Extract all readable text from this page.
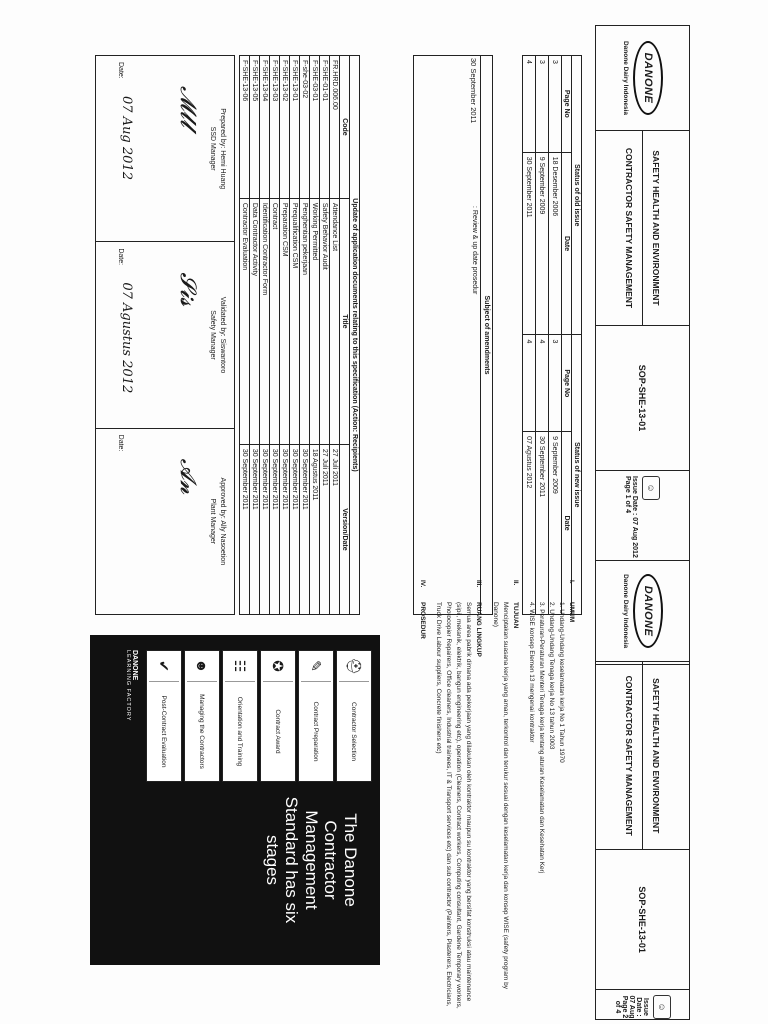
DANONE
Danone Dairy Indonesia
SAFETY HEALTH AND ENVIRONMENT
CONTRACTOR SAFETY MANAGEMENT
SOP-SHE-13-01
☺
Issue Date : 07 Aug 2012
Page 1 of 4
Status of old issue		Status of new issue	
Page No	Date	Page No	Date
3	18 Desember 2006	3	9 September 2009
3	9 September 2009	4	30 September 2011
4	30 September 2011	4	07 Agustus 2012
Subject of amendments
30 September 2011
: Review & up date prosedur
Update of application documents relating to this specification (Action: Recipients)		
Code	Title	Version/Date
FR.HRD.006.00	Attendance List	27 Juli 2011
F-SHE-01-01	Safety Behavior Audit	27 Juli 2011
F-SHE-03-01	Working Permitted	18 Agustus 2011
F-she-03-02	Penghentian pekerjaan	30 September 2011
F-SHE-13-01	Prequalification CSM	30 September 2011
F-SHE-13-02	Preparation CSM	30 September 2011
F-SHE-13-03	Contract	30 September 2011
F-SHE-13-04	Identification Contractor Form	30 September 2011
F-SHE-13-05	Data Contractor Activity	30 September 2011
F-SHE-13-06	Contractor Evaluation	30 September 2011
Prepared by: Hemi Huang
SSD Manager
𝓜𝓵𝓵
Date:
07 Aug 2012
Validated by: Siswantoro
Safety Manager
𝓢𝓲𝓼
Date:
07 Agustus 2012
Approved by: Ally Nasoetion
Plant Manager
𝓐𝓷
Date:
DANONE
Danone Dairy Indonesia
SAFETY HEALTH AND ENVIRONMENT
CONTRACTOR SAFETY MANAGEMENT
SOP-SHE-13-01
☺
Issue Date : 07 Aug
Page 2 of 4
I.UMUM
1. Undang-Undang keselamatan kerja No 1 Tahun 1970
2. Undang-Undang Tenaga kerja No 13 tahun 2003
3. Peraturan-Peraturan Menteri Tenaga kerja tentang aturan Keselamatan dan Kesehatan Kerj
4. WISE konsep Elemen 13 mengenai kontraktor
II.TUJUAN
Menciptakan suasana kerja yang aman, terkontrol dan terukur sesuai dengan keselamatan kerja dan konsep WISE (safety program by Danone)
III.RUANG LINGKUP
Semua area pabrik dimana ada pekerjaan yang dilakukan oleh kontraktor maupun su kontraktor yang bersifat konstruksi atau maintenance (sipil, mekanik, elektrik, bangun engineering etc), operation (Cleaners, Contract workers, Computing consultant, Gardene Temporary workers, Photocopier Repairers, Office cleaners, Industrial trainees, IT & Transport services etc) dan sub contractor (Painters, Plasterers, Electricians, Truck Drive Labour suppliers, Concrete finishers etc)
IV.PROSEDUR
⛑
Contractor Selection
✎
Contract Preparation
✪
Contract Award
☷
Orientation and Training
☻
Managing the Contractors
✔
Post-Contract Evaluation
The Danone Contractor Management Standard has six stages
DANONE
LEARNING FACTORY
